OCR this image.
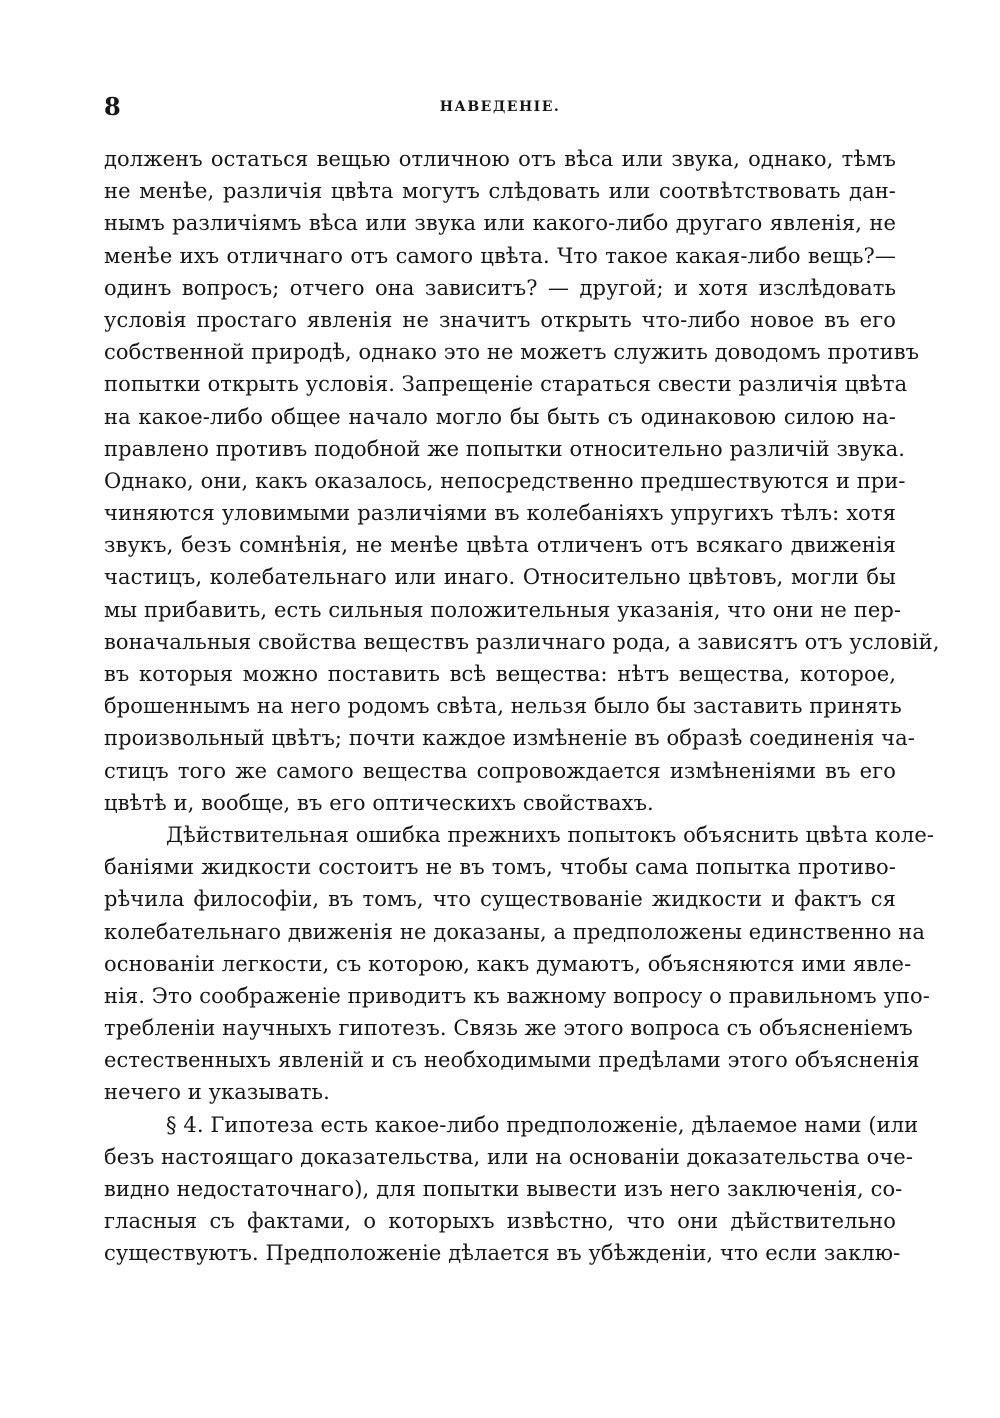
8	НАВЕДЕНІЕ.
долженъ остаться вещью отличною отъ вѣса или звука, однако, тѣмъ
не менѣе, различія цвѣта могутъ слѣдовать или соотвѣтствовать дан-
нымъ различіямъ вѣса или звука или какого-либо другаго явленія, не
менѣе ихъ отличнаго отъ самого цвѣта. Что такое какая-либо вещь?—
одинъ вопросъ; отчего она зависитъ? — другой; и хотя изслѣдовать
условія простаго явленія не значитъ открыть что-либо новое въ его
собственной природѣ, однако это не можетъ служить доводомъ противъ
попытки открыть условія. Запрещеніе стараться свести различія цвѣта
на какое-либо общее начало могло бы быть съ одинаковою силою на-
правлено противъ подобной же попытки относительно различій звука.
Однако, они, какъ оказалось, непосредственно предшествуются и при-
чиняются уловимыми различіями въ колебаніяхъ упругихъ тѣлъ: хотя
звукъ, безъ сомнѣнія, не менѣе цвѣта отличенъ отъ всякаго движенія
частицъ, колебательнаго или инаго. Относительно цвѣтовъ, могли бы
мы прибавить, есть сильныя положительныя указанія, что они не пер-
воначальныя свойства веществъ различнаго рода, а зависятъ отъ условій,
въ которыя можно поставить всѣ вещества: нѣтъ вещества, которое,
брошеннымъ на него родомъ свѣта, нельзя было бы заставить принять
произвольный цвѣтъ; почти каждое измѣненіе въ образѣ соединенія ча-
стицъ того же самого вещества сопровождается измѣненіями въ его
цвѣтѣ и, вообще, въ его оптическихъ свойствахъ.
Дѣйствительная ошибка прежнихъ попытокъ объяснить цвѣта коле-
баніями жидкости состоитъ не въ томъ, чтобы сама попытка противо-
рѣчила философіи, въ томъ, что существованіе жидкости и фактъ ся
колебательнаго движенія не доказаны, а предположены единственно на
основаніи легкости, съ которою, какъ думаютъ, объясняются ими явле-
нія. Это соображеніе приводитъ къ важному вопросу о правильномъ упо-
требленіи научныхъ гипотезъ. Связь же этого вопроса съ объясненіемъ
естественныхъ явленій и съ необходимыми предѣлами этого объясненія
нечего и указывать.
§ 4. Гипотеза есть какое-либо предположеніе, дѣлаемое нами (или
безъ настоящаго доказательства, или на основаніи доказательства оче-
видно недостаточнаго), для попытки вывести изъ него заключенія, со-
гласныя съ фактами, о которыхъ извѣстно, что они дѣйствительно
существуютъ. Предположеніе дѣлается въ убѣжденіи, что если заклю-
